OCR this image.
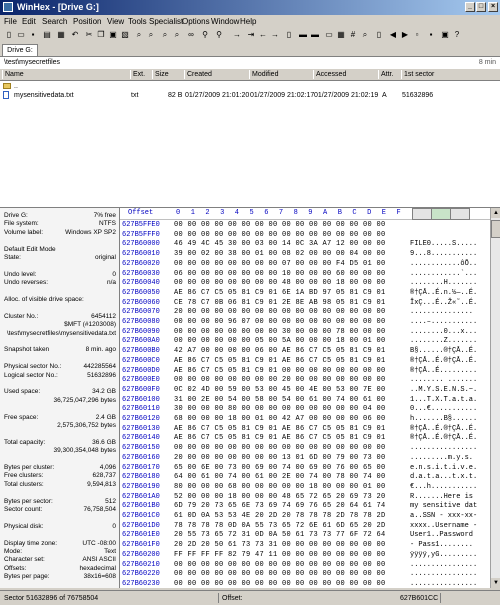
WinHex - [Drive G:]	_ □	×
File Edit Search Position View Tools Specialist
Options Window Help
▯ ▭ ▪	▤ ▦ ↶ ✂ ❐ ▣ ▧ ⌕ ⌕	⌕ ⌕	∞ ⚲ ⚲ → ⇥ ← → ▯ ▬ ▬ ▭ ▦ # ⌕	▯	◀ ▶ ▫	▪	▣ ?
Drive G:
\test\mysecretfiles	8 min
Name	Ext.	Size	Created	Modified	Accessed	Attr.	1st sector
..
mysensitivedata.txt	txt	82 B 01/27/2009 21:01:20 01/27/2009 21:02:17 01/27/2009 21:02:19 A 51632896
Drive G:	7% free
File system:	NTFS
Volume label:	Windows XP SP2
Default Edit Mode
State:	original
Undo level:	0
Undo reverses:	n/a
Alloc. of visible drive space:
Cluster No.:	6454112
$MFT (#1203008)
\test\mysecretfiles\mysensitivedata.txt
Snapshot taken	8 min. ago
Physical sector No.:	442285564
Logical sector No.:	51632896
Used space:	34.2 GB
36,725,047,296 bytes
Free space:	2.4 GB
2,575,306,752 bytes
Total capacity:	36.6 GB
39,300,354,048 bytes
Bytes per cluster:	4,096
Free clusters:	628,737
Total clusters:	9,594,813
Bytes per sector:	512
Sector count:	76,758,504
Physical disk:	0
Display time zone:	UTC -08:00
Mode:	Text
Character set:	ANSI ASCII
Offsets:	hexadecimal
Bytes per page:	38x16=608
Offset	0 1 2 3 4 5 6 7 8 9 A B C D E F
627B5FFE0 00 00 00 00 00 00 00 00 00 00 00 00 00 00 00 00
627B5FFF0 00 00 00 00 00 00 00 00 00 00 00 00 00 00 00 00
627B60000 46 49 4C 45 30 00 03 00 14 0C 3A A7 12 00 00 00	FILE0.....S.....
627B60010 39 00 02 00 38 00 01 00 08 02 00 00 00 04 00 00	9...8...........
627B60020 00 00 00 00 00 00 00 00 07 00 00 00 F4 D5 01 00	............ôÕ..
627B60030 06 00 00 00 00 00 00 00 10 00 00 00 60 00 00 00	............`...
627B60040 00 00 00 00 00 00 00 00 48 00 00 00 18 00 00 00	........H.......
627B60050 AE 86 C7 C5 05 81 C9 01 6E 1A BD 97 05 81 C9 01	®†ÇÅ..É.n.½—..É.
627B60060 CE 78 C7 0B 06 81 C9 01 2E 8E AB 98 05 81 C9 01	ÎxÇ...É..Ž«˜..É.
627B60070 20 00 00 00 00 00 00 00 00 00 00 00 00 00 00 00	...............
627B60080 00 00 00 00 96 07 00 00 00 00 00 00 00 00 00 00	....–...........
627B60090 00 00 00 00 00 00 00 00 30 00 00 00 78 00 00 00	........0...x...
627B600A0 00 00 00 00 00 00 05 00 5A 00 00 00 18 00 01 00	........Z.......
627B600B0 42 A7 00 00 00 00 06 00 AE 86 C7 C5 05 81 C9 01	B§......®†ÇÅ..É.
627B600C0 AE 86 C7 C5 05 81 C9 01 AE 86 C7 C5 05 81 C9 01	®†ÇÅ..É.®†ÇÅ..É.
627B600D0 AE 86 C7 C5 05 81 C9 01 00 00 00 00 00 00 00 00	®†ÇÅ..É.........
627B600E0 00 00 00 00 00 00 00 00 20 00 00 00 00 00 00 00	........ .......
627B600F0 0C 02 4D 00 59 00 53 00 45 00 4E 00 53 00 7E 00	..M.Y.S.E.N.S.~.
627B60100 31 00 2E 00 54 00 58 00 54 00 61 00 74 00 61 00	1...T.X.T.a.t.a.
627B60110 30 00 00 00 80 00 00 00 00 00 00 00 00 00 04 00	0...€...........
627B60120 68 00 00 00 18 00 01 00 42 A7 00 00 00 00 06 00	h.......B§......
627B60130 AE 86 C7 C5 05 81 C9 01 AE 86 C7 C5 05 81 C9 01	®†ÇÅ..É.®†ÇÅ..É.
627B60140 AE 86 C7 C5 05 81 C9 01 AE 86 C7 C5 05 81 C9 01	®†ÇÅ..É.®†ÇÅ..É.
627B60150 00 00 00 00 00 00 00 00 00 00 00 00 00 00 00 00	................
627B60160 20 00 00 00 00 00 00 00 13 01 6D 00 79 00 73 00	.........m.y.s.
627B60170 65 00 6E 00 73 00 69 00 74 00 69 00 76 00 65 00	e.n.s.i.t.i.v.e.
627B60180 64 00 61 00 74 00 61 00 2E 00 74 00 78 00 74 00	d.a.t.a...t.x.t.
627B60190 80 00 00 00 68 00 00 00 00 00 18 00 00 00 01 00	€...h...........
627B601A0 52 00 00 00 18 00 00 00 48 65 72 65 20 69 73 20	R.......Here is
627B601B0 6D 79 20 73 65 6E 73 69 74 69 76 65 20 64 61 74	my sensitive dat
627B601C0 61 0D 0A 53 53 4E 20 2D 20 78 78 78 2D 78 78 2D	a..SSN - xxx-xx-
627B601D0 78 78 78 78 0D 0A 55 73 65 72 6E 61 6D 65 20 2D	xxxx..Username -
627B601E0 20 55 73 65 72 31 0D 0A 50 61 73 73 77 6F 72 64	User1..Password
627B601F0 20 2D 20 50 61 73 73 31 00 00 00 00 00 00 00 00	- Pass1........
627B60200 FF FF FF FF 82 79 47 11 00 00 00 00 00 00 00 00	ÿÿÿÿ‚yG.........
627B60210 00 00 00 00 00 00 00 00 00 00 00 00 00 00 00 00	................
627B60220 00 00 00 00 00 00 00 00 00 00 00 00 00 00 00 00	................
627B60230 00 00 00 00 00 00 00 00 00 00 00 00 00 00 00 00	................
▲
▼
Sector 51632896 of 76758504	Offset:	627B601CC
